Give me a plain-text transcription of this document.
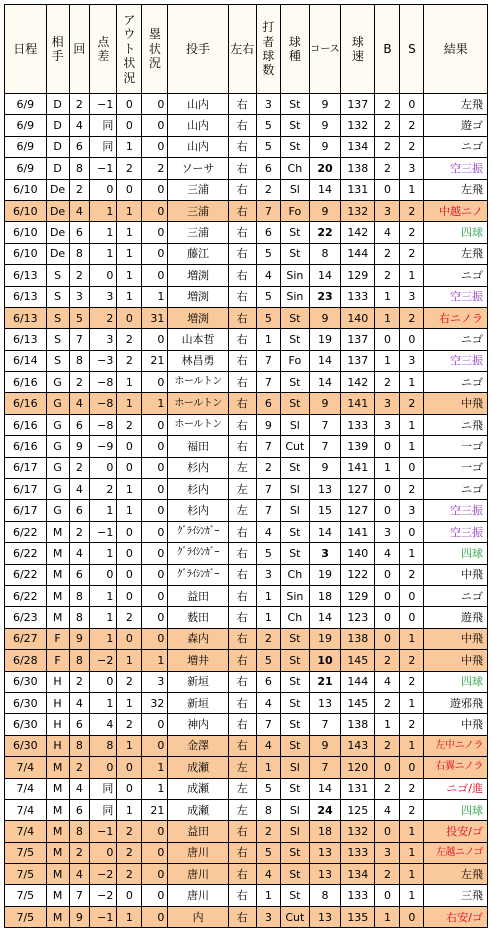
日程	相手	回	点差	アウト状況	塁状況	投手	左右	打者球数	球種	コース	球速	B	S	結果
6/9	D	2	−1	0	0	山内	右	3	St	9	137	2	0	左飛
6/9	D	4	同	0	0	山内	右	5	St	9	132	2	2	遊ゴ
6/9	D	6	同	1	0	山内	右	5	St	9	134	2	2	ニゴ
6/9	D	8	−1	2	2	ソーサ	右	6	Ch	20	138	2	3	空三振
6/10	De	2	0	0	0	三浦	右	2	Sl	14	131	0	1	左飛
6/10	De	4	1	1	0	三浦	右	7	Fo	9	132	3	2	中越ニノ
6/10	De	6	1	1	0	三浦	右	6	St	22	142	4	2	四球
6/10	De	8	1	1	0	藤江	右	5	St	8	144	2	2	左飛
6/13	S	2	0	1	0	増渕	右	4	Sin	14	129	2	1	ニゴ
6/13	S	3	3	1	1	増渕	右	5	Sin	23	133	1	3	空三振
6/13	S	5	2	0	31	増渕	右	5	St	9	140	1	2	右ニノラ
6/13	S	7	3	2	0	山本哲	右	1	St	19	137	0	0	ニゴ
6/14	S	8	−3	2	21	林昌勇	右	7	Fo	14	137	1	3	空三振
6/16	G	2	−8	1	0	ホールトン	右	7	St	14	142	2	1	ニゴ
6/16	G	4	−8	1	1	ホールトン	右	6	St	9	141	3	2	中飛
6/16	G	6	−8	2	0	ホールトン	右	9	Sl	7	133	3	1	ニ飛
6/16	G	9	−9	0	0	福田	右	7	Cut	7	139	0	1	一ゴ
6/17	G	2	0	0	0	杉内	左	2	St	9	141	1	0	一ゴ
6/17	G	4	2	1	0	杉内	左	7	Sl	13	127	0	2	ニゴ
6/17	G	6	1	1	0	杉内	左	7	Sl	15	127	0	3	空三振
6/22	M	2	−1	0	0	ｸﾞﾗｲｼﾝｶﾞｰ	右	4	St	14	141	3	0	空三振
6/22	M	4	1	0	0	ｸﾞﾗｲｼﾝｶﾞｰ	右	5	St	3	140	4	1	四球
6/22	M	6	0	0	0	ｸﾞﾗｲｼﾝｶﾞｰ	右	3	Ch	19	122	0	2	中飛
6/22	M	8	1	0	0	益田	右	1	Sin	18	129	0	0	ニゴ
6/23	M	8	1	2	0	薮田	右	1	Ch	14	123	0	0	遊飛
6/27	F	9	1	0	0	森内	右	2	St	19	138	0	1	中飛
6/28	F	8	−2	1	1	増井	右	5	St	10	145	2	2	中飛
6/30	H	2	0	2	3	新垣	右	6	St	21	144	4	2	四球
6/30	H	4	1	1	32	新垣	右	4	St	13	145	2	1	遊邪飛
6/30	H	6	4	2	0	神内	右	7	St	7	138	1	2	中飛
6/30	H	8	8	1	0	金澤	右	4	St	9	143	2	1	左中ニノラ
7/4	M	2	0	0	1	成瀬	左	1	Sl	7	120	0	0	右翼ニノラ
7/4	M	4	同	0	1	成瀬	左	5	St	14	131	2	2	ニゴ/進
7/4	M	6	同	1	21	成瀬	左	8	Sl	24	125	4	2	四球
7/4	M	8	−1	2	0	益田	右	2	Sl	18	132	0	1	投安/ゴ
7/5	M	2	0	2	0	唐川	右	5	St	13	133	3	1	左越ニノゴ
7/5	M	4	−2	2	0	唐川	右	4	St	13	134	2	1	左飛
7/5	M	7	−2	0	0	唐川	右	1	St	8	133	0	1	三飛
7/5	M	9	−1	1	0	内	右	3	Cut	13	135	1	0	右安/ゴ
